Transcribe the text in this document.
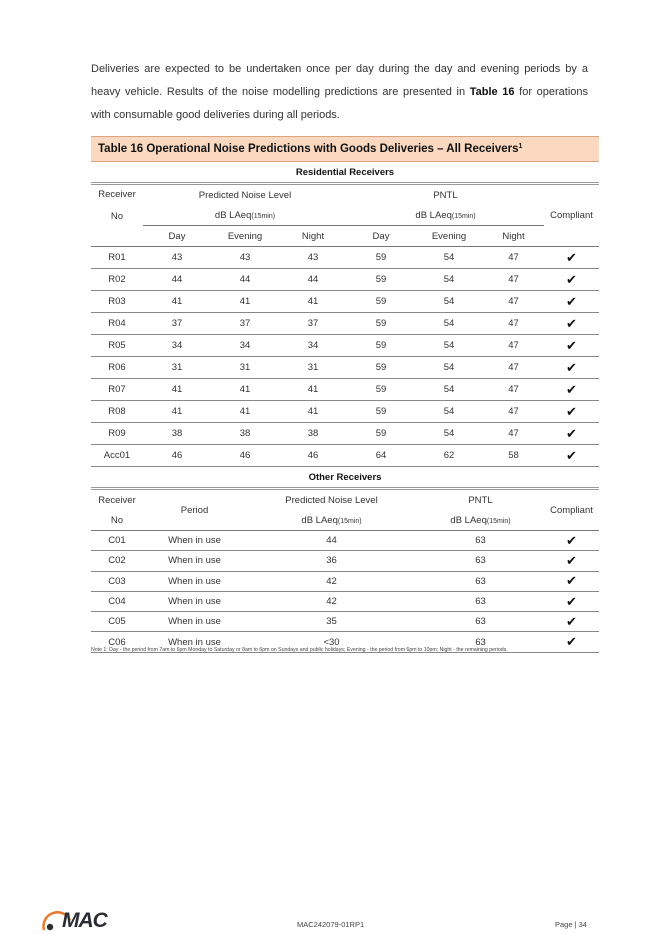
Deliveries are expected to be undertaken once per day during the day and evening periods by a heavy vehicle. Results of the noise modelling predictions are presented in Table 16 for operations with consumable good deliveries during all periods.
Table 16 Operational Noise Predictions with Goods Deliveries – All Receivers$^1$
Residential Receivers							
Receiver

No	Predicted Noise Level			PNTL			Compliant
	dB LAeq(15min)			dB LAeq(15min)			
	Day	Evening	Night	Day	Evening	Night	
R01	43	43	43	59	54	47	✔
R02	44	44	44	59	54	47	✔
R03	41	41	41	59	54	47	✔
R04	37	37	37	59	54	47	✔
R05	34	34	34	59	54	47	✔
R06	31	31	31	59	54	47	✔
R07	41	41	41	59	54	47	✔
R08	41	41	41	59	54	47	✔
R09	38	38	38	59	54	47	✔
Acc01	46	46	46	64	62	58	✔
Other Receivers							
Receiver	Period	Predicted Noise Level	PNTL	Compliant
No		dB LAeq(15min)	dB LAeq(15min)	
C01	When in use	44	63	✔
C02	When in use	36	63	✔
C03	When in use	42	63	✔
C04	When in use	42	63	✔
C05	When in use	35	63	✔
C06	When in use	<30	63	✔
Note 1: Day - the period from 7am to 6pm Monday to Saturday or 8am to 6pm on Sundays and public holidays; Evening - the period from 6pm to 10pm; Night - the remaining periods.
MAC	MAC242079-01RP1	Page | 34
